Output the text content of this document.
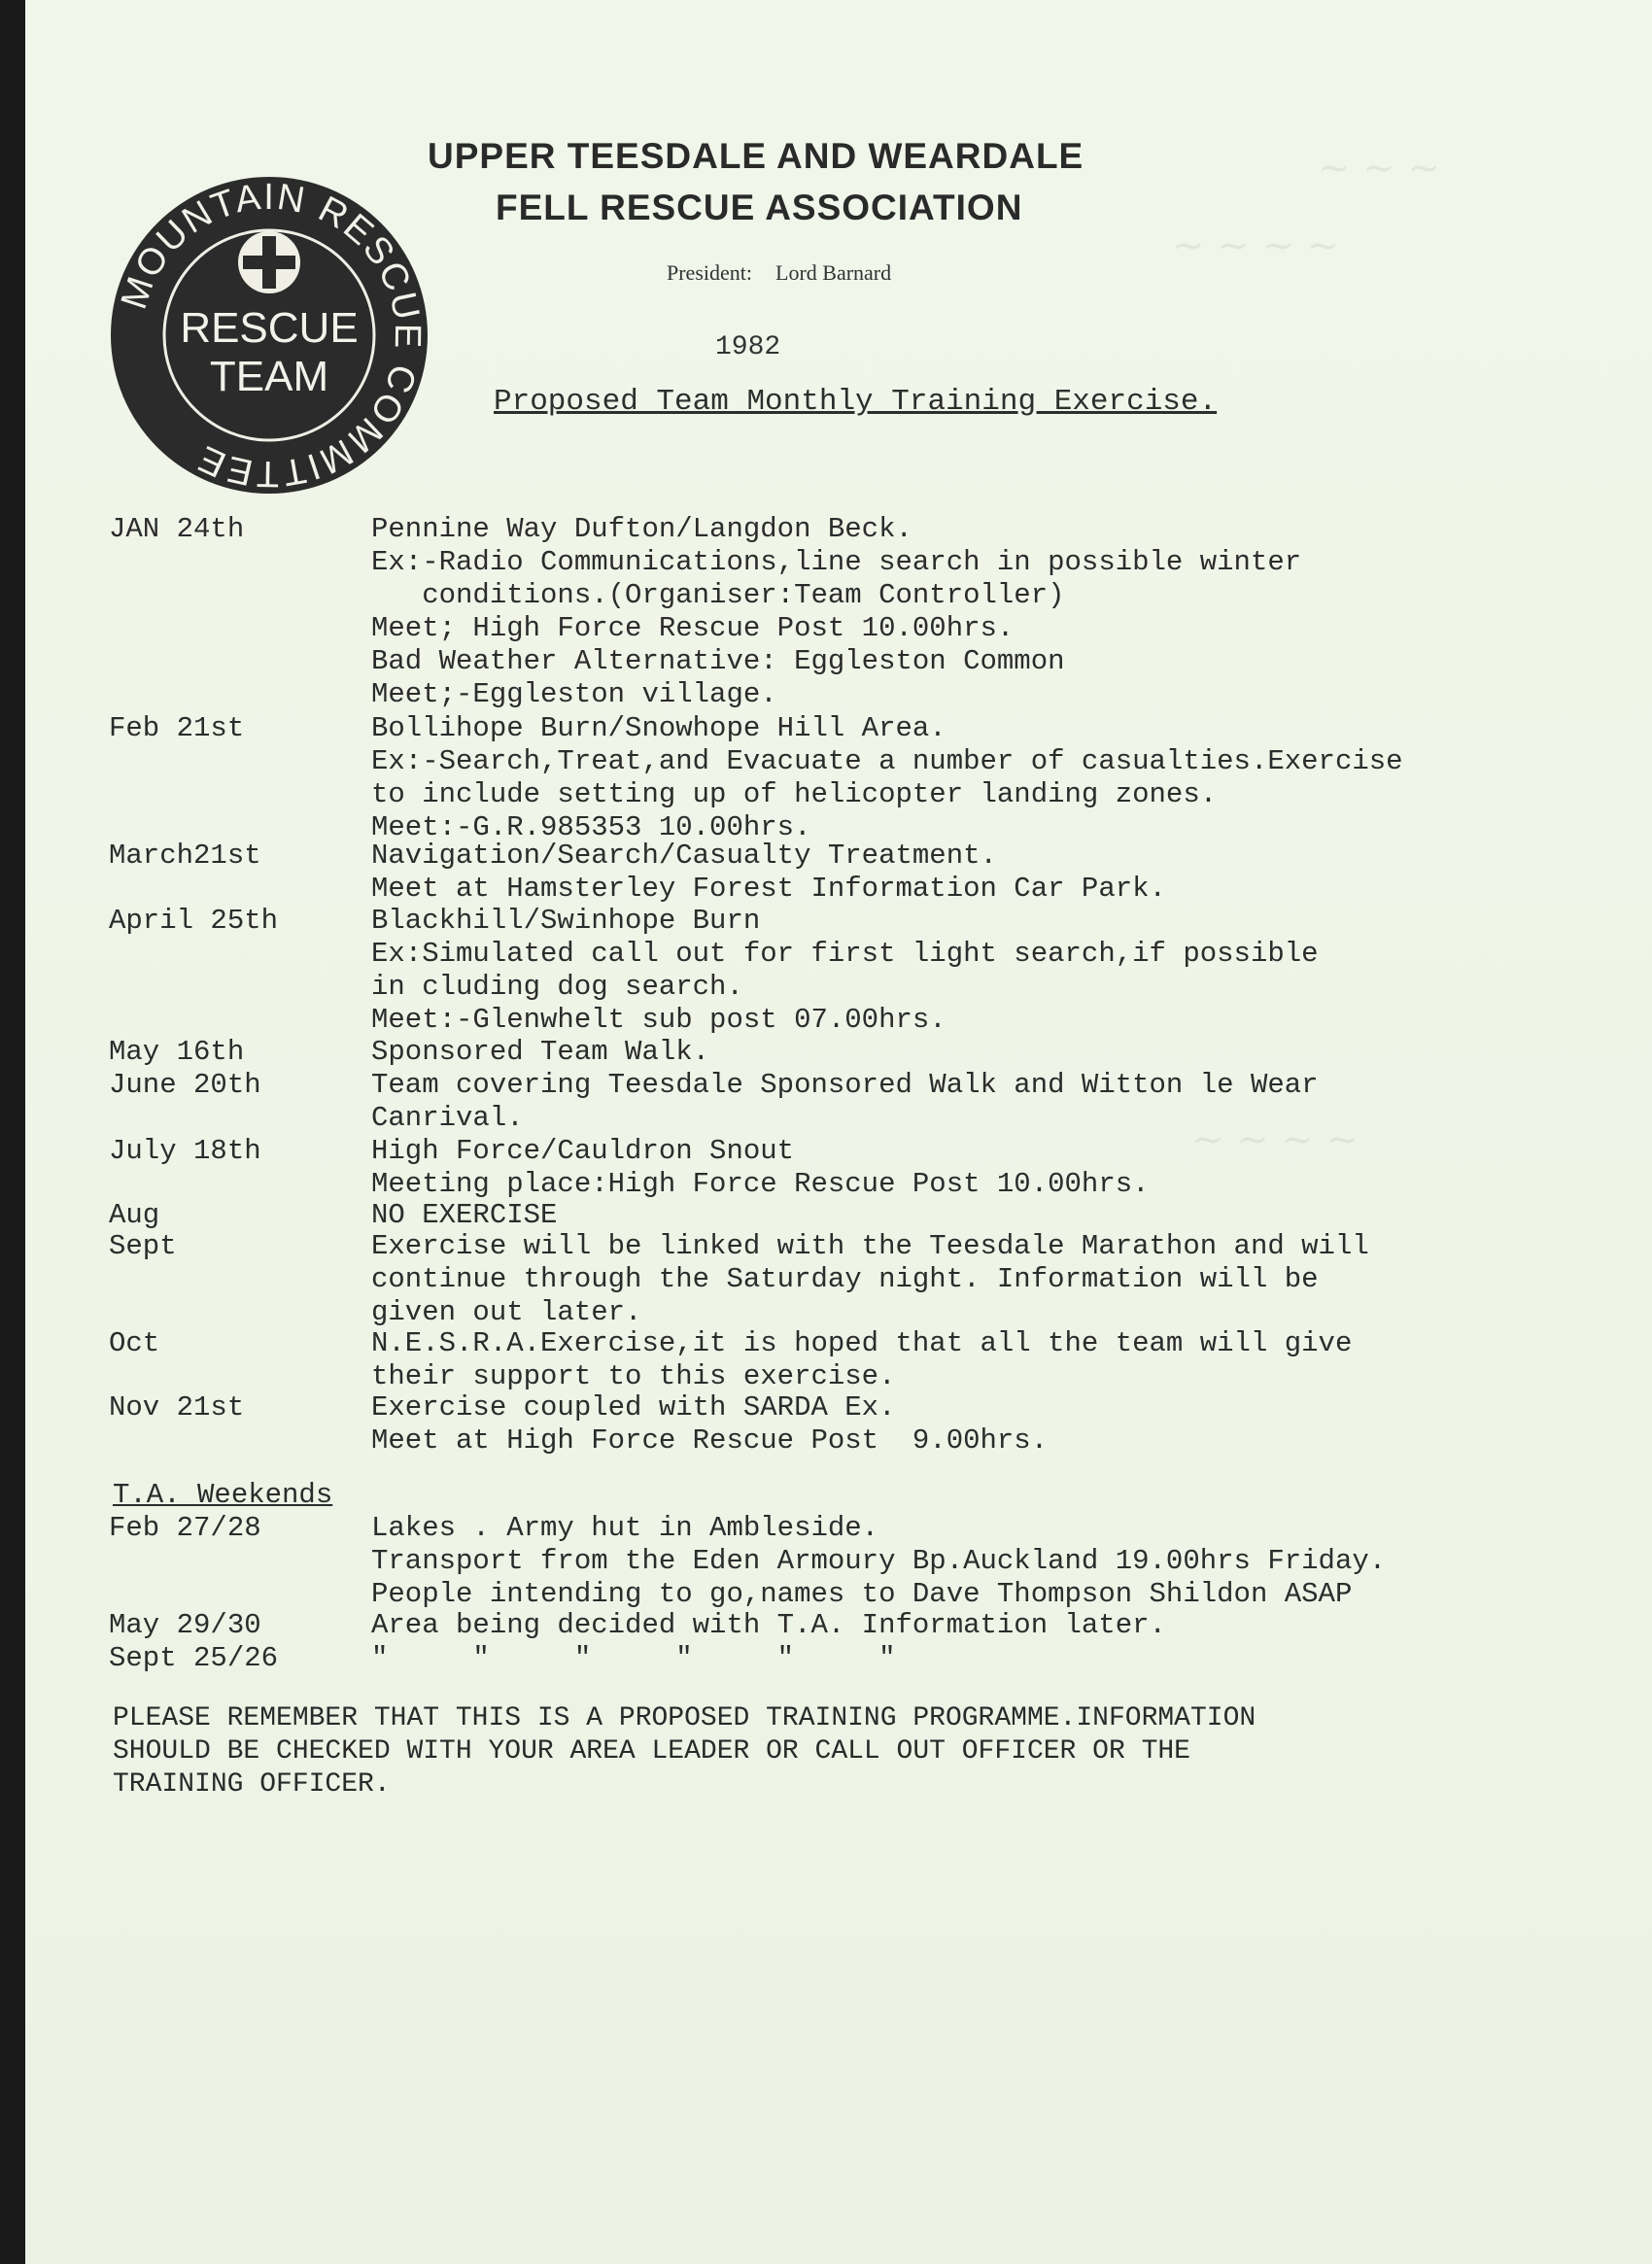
~ ~ ~
~ ~ ~ ~
~ ~ ~ ~
MOUNTAIN RESCUE COMMITTEE
RESCUE
TEAM
UPPER TEESDALE AND WEARDALE
FELL RESCUE ASSOCIATION
President: Lord Barnard
1982
Proposed Team Monthly Training Exercise.
JAN 24th	Pennine Way Dufton/Langdon Beck.
Ex:-Radio Communications,line search in possible winter
conditions.(Organiser:Team Controller)
Meet; High Force Rescue Post 10.00hrs.
Bad Weather Alternative: Eggleston Common
Meet;-Eggleston village.
Feb 21st	Bollihope Burn/Snowhope Hill Area.
Ex:-Search,Treat,and Evacuate a number of casualties.Exercise
to include setting up of helicopter landing zones.
Meet:-G.R.985353 10.00hrs.
March21st	Navigation/Search/Casualty Treatment.
Meet at Hamsterley Forest Information Car Park.
April 25th	Blackhill/Swinhope Burn
Ex:Simulated call out for first light search,if possible
in cluding dog search.
Meet:-Glenwhelt sub post 07.00hrs.
May 16th	Sponsored Team Walk.
June 20th	Team covering Teesdale Sponsored Walk and Witton le Wear
Canrival.
July 18th	High Force/Cauldron Snout
Meeting place:High Force Rescue Post 10.00hrs.
Aug	NO EXERCISE
Sept	Exercise will be linked with the Teesdale Marathon and will
continue through the Saturday night. Information will be
given out later.
Oct	N.E.S.R.A.Exercise,it is hoped that all the team will give
their support to this exercise.
Nov 21st	Exercise coupled with SARDA Ex.
Meet at High Force Rescue Post  9.00hrs.
T.A. Weekends
Feb 27/28	Lakes . Army hut in Ambleside.
Transport from the Eden Armoury Bp.Auckland 19.00hrs Friday.
People intending to go,names to Dave Thompson Shildon ASAP
May 29/30	Area being decided with T.A. Information later.
Sept 25/26	"     "     "     "     "     "
PLEASE REMEMBER THAT THIS IS A PROPOSED TRAINING PROGRAMME.INFORMATION
SHOULD BE CHECKED WITH YOUR AREA LEADER OR CALL OUT OFFICER OR THE
TRAINING OFFICER.
